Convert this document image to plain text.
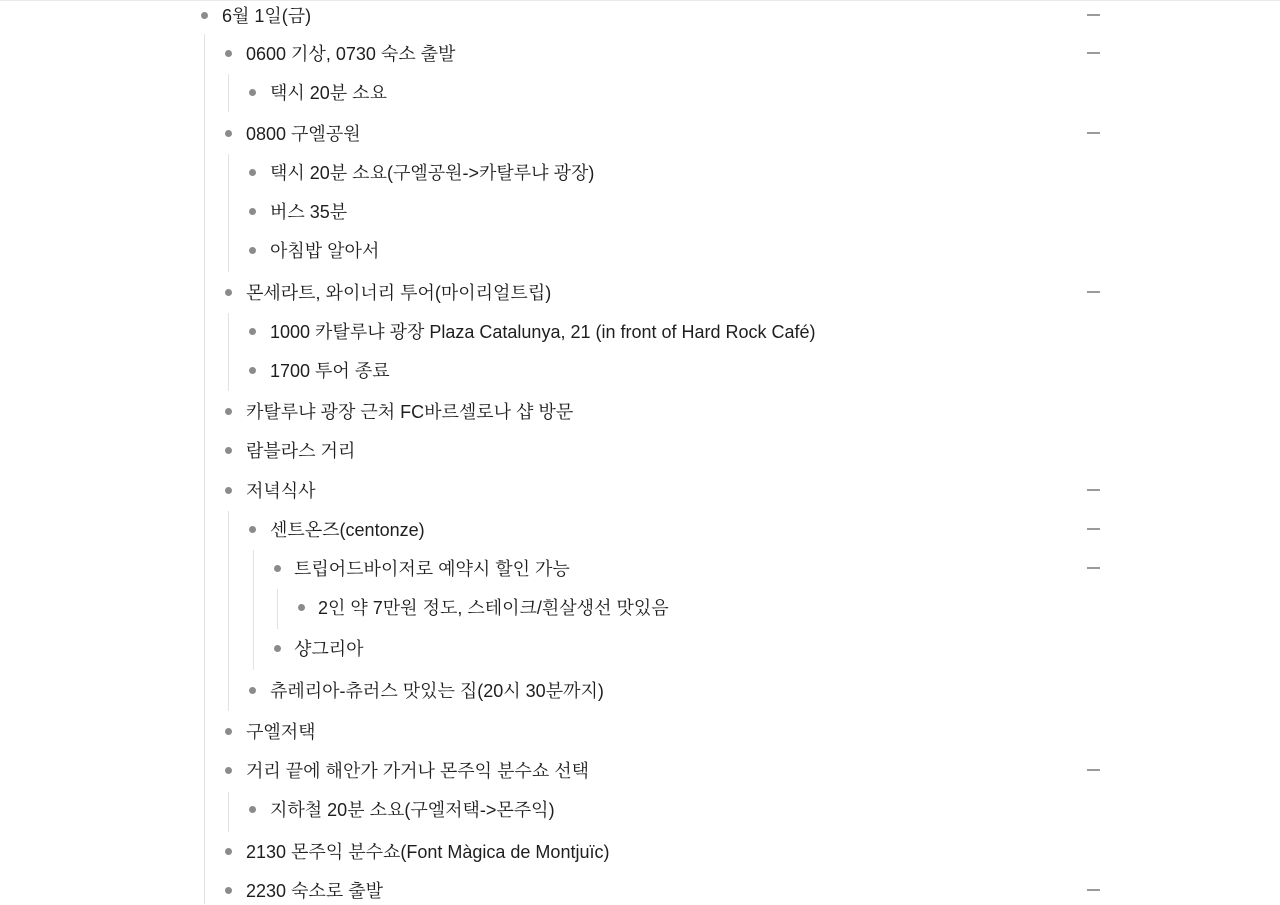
6월 1일(금)
0600 기상, 0730 숙소 출발
택시 20분 소요
0800 구엘공원
택시 20분 소요(구엘공원->카탈루냐 광장)
버스 35분
아침밥 알아서
몬세라트, 와이너리 투어(마이리얼트립)
1000 카탈루냐 광장 Plaza Catalunya, 21 (in front of Hard Rock Café)
1700 투어 종료
카탈루냐 광장 근처 FC바르셀로나 샵 방문
람블라스 거리
저녁식사
센트온즈(centonze)
트립어드바이저로 예약시 할인 가능
2인 약 7만원 정도, 스테이크/흰살생선 맛있음
샹그리아
츄레리아-츄러스 맛있는 집(20시 30분까지)
구엘저택
거리 끝에 해안가 가거나 몬주익 분수쇼 선택
지하철 20분 소요(구엘저택->몬주익)
2130 몬주익 분수쇼(Font Màgica de Montjuïc)
2230 숙소로 출발
